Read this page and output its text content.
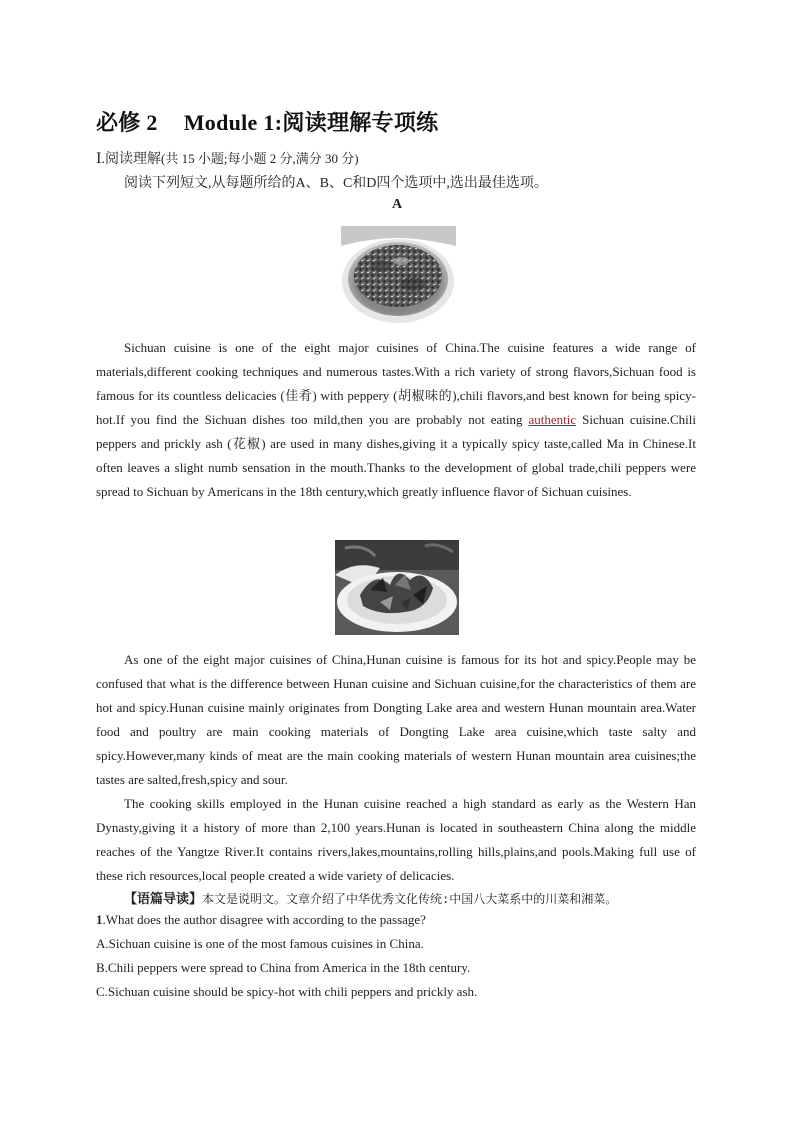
必修 2 Module 1:阅读理解专项练
Ⅰ.阅读理解(共 15 小题;每小题 2 分,满分 30 分)
阅读下列短文,从每题所给的A、B、C和D四个选项中,选出最佳选项。
A

Sichuan cuisine is one of the eight major cuisines of China.The cuisine features a wide range of materials,different cooking techniques and numerous tastes.With a rich variety of strong flavors,Sichuan food is famous for its countless delicacies (佳肴) with peppery (胡椒味的),chili flavors,and best known for being spicy-hot.If you find the Sichuan dishes too mild,then you are probably not eating authentic Sichuan cuisine.Chili peppers and prickly ash (花椒) are used in many dishes,giving it a typically spicy taste,called Ma in Chinese.It often leaves a slight numb sensation in the mouth.Thanks to the development of global trade,chili peppers were spread to Sichuan by Americans in the 18th century,which greatly influence flavor of Sichuan cuisines.

As one of the eight major cuisines of China,Hunan cuisine is famous for its hot and spicy.People may be confused that what is the difference between Hunan cuisine and Sichuan cuisine,for the characteristics of them are hot and spicy.Hunan cuisine mainly originates from Dongting Lake area and western Hunan mountain area.Water food and poultry are main cooking materials of Dongting Lake area cuisine,which taste salty and spicy.However,many kinds of meat are the main cooking materials of western Hunan mountain area cuisines;the tastes are salted,fresh,spicy and sour.
The cooking skills employed in the Hunan cuisine reached a high standard as early as the Western Han Dynasty,giving it a history of more than 2,100 years.Hunan is located in southeastern China along the middle reaches of the Yangtze River.It contains rivers,lakes,mountains,rolling hills,plains,and pools.Making full use of these rich resources,local people created a wide variety of delicacies.
【语篇导读】本文是说明文。文章介绍了中华优秀文化传统:中国八大菜系中的川菜和湘菜。
1.What does the author disagree with according to the passage?
A.Sichuan cuisine is one of the most famous cuisines in China.
B.Chili peppers were spread to China from America in the 18th century.
C.Sichuan cuisine should be spicy-hot with chili peppers and prickly ash.
